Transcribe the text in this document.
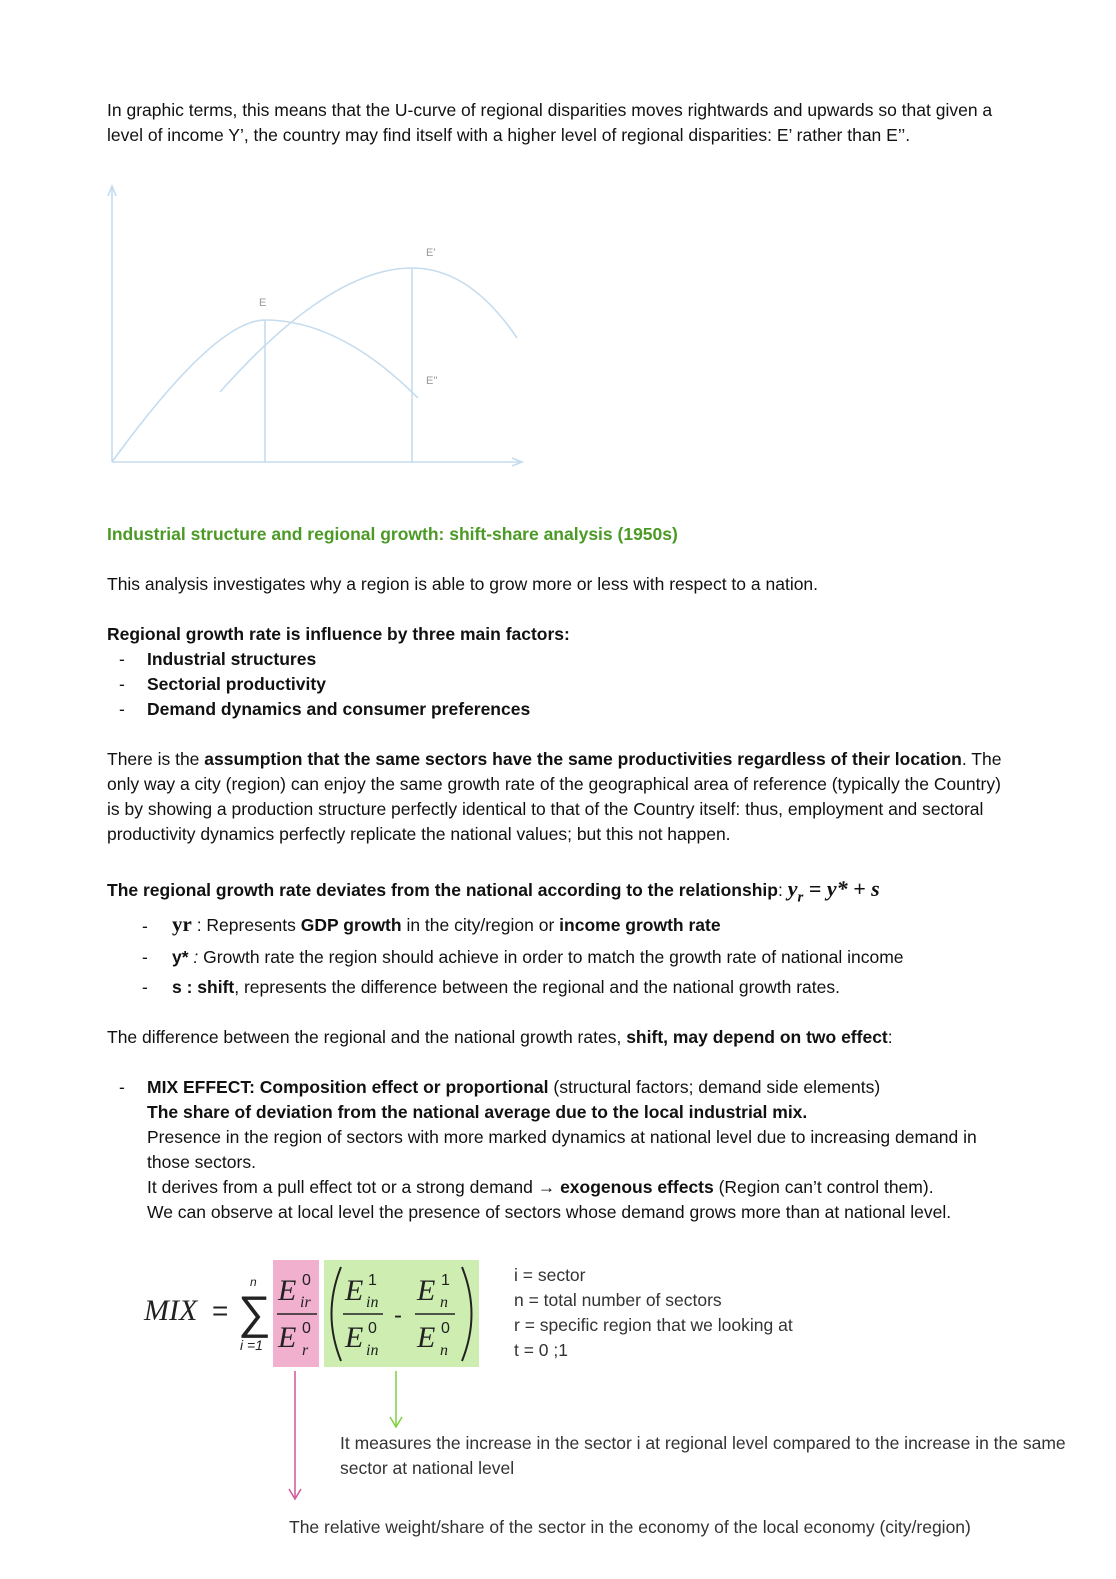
In graphic terms, this means that the U-curve of regional disparities moves rightwards and upwards so that given a level of income Y’, the country may find itself with a higher level of regional disparities: E’ rather than E’’.

E
E'
E''

Industrial structure and regional growth: shift-share analysis (1950s)

This analysis investigates why a region is able to grow more or less with respect to a nation.

Regional growth rate is influence by three main factors:

- Industrial structures

- Sectorial productivity

- Demand dynamics and consumer preferences

There is the assumption that the same sectors have the same productivities regardless of their location. The only way a city (region) can enjoy the same growth rate of the geographical area of reference (typically the Country) is by showing a production structure perfectly identical to that of the Country itself: thus, employment and sectoral productivity dynamics perfectly replicate the national values; but this not happen.

The regional growth rate deviates from the national according to the relationship: $y_r = y* + s$

- yr : Represents GDP growth in the city/region or income growth rate

- y* : Growth rate the region should achieve in order to match the growth rate of national income

- s : shift, represents the difference between the regional and the national growth rates.

The difference between the regional and the national growth rates, shift, may depend on two effect:

- MIX EFFECT: Composition effect or proportional (structural factors; demand side elements)
The share of deviation from the national average due to the local industrial mix.
Presence in the region of sectors with more marked dynamics at national level due to increasing demand in those sectors.
It derives from a pull effect tot or a strong demand → exogenous effects (Region can’t control them).
We can observe at local level the presence of sectors whose demand grows more than at national level.
MIX =
n
∑
i =1
E 0
ir
E 0
r
E 1
in
E 0
in
-
E 1
n
E 0
n
i = sector
n = total number of sectors
r = specific region that we looking at
t = 0 ;1

It measures the increase in the sector i at regional level compared to the increase in the same sector at national level

The relative weight/share of the sector in the economy of the local economy (city/region)
